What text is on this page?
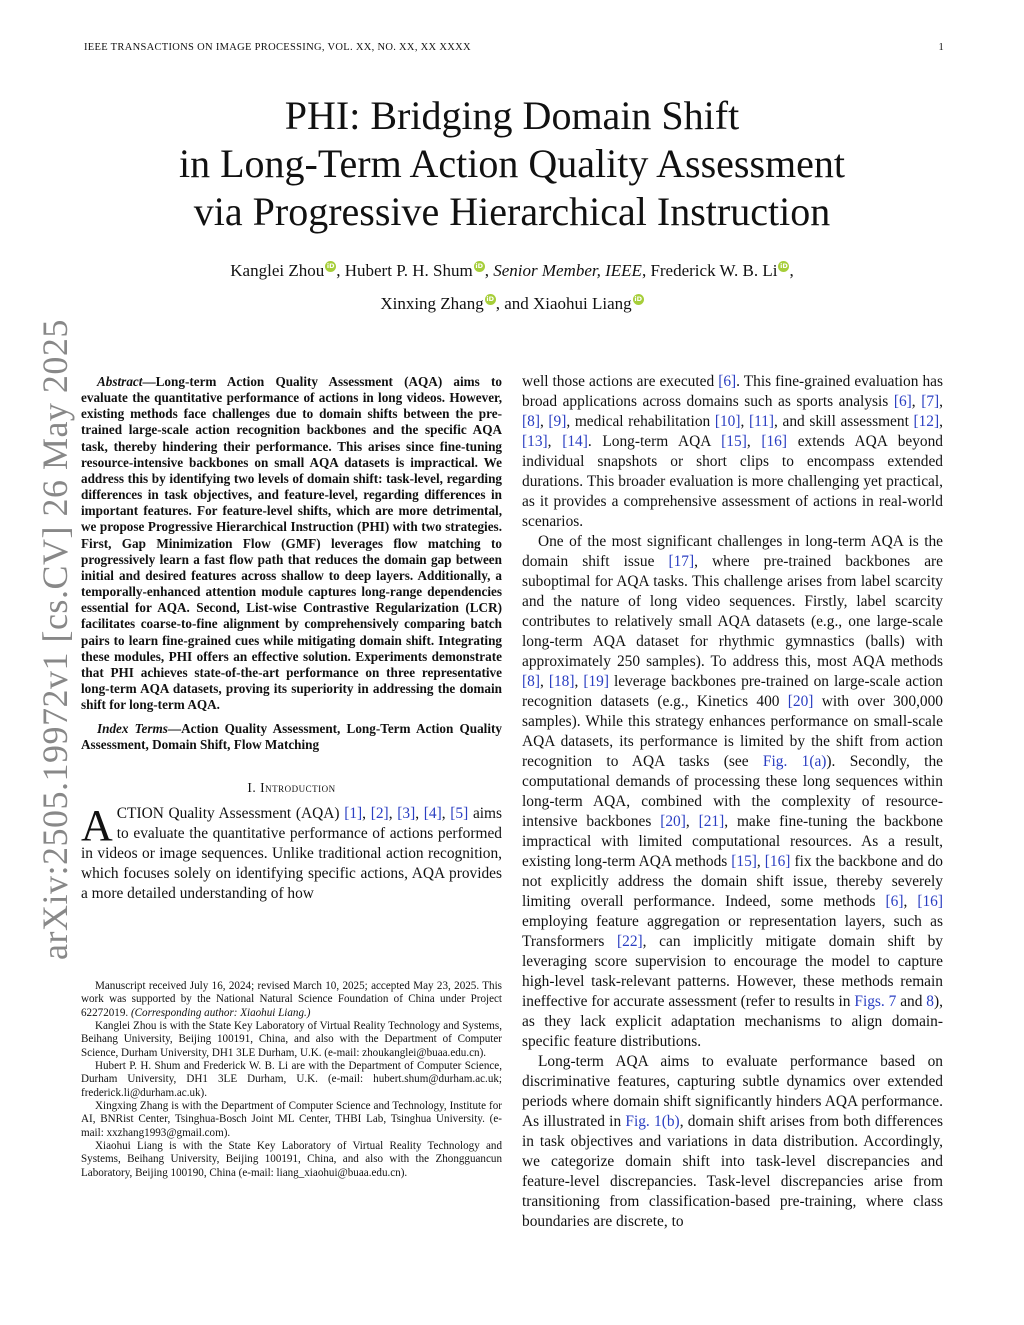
IEEE TRANSACTIONS ON IMAGE PROCESSING, VOL. XX, NO. XX, XX XXXX	1
PHI: Bridging Domain Shift
in Long-Term Action Quality Assessment
via Progressive Hierarchical Instruction
Kanglei Zhou iD, Hubert P. H. Shum iD, Senior Member, IEEE, Frederick W. B. Li iD,
Xinxing Zhang iD, and Xiaohui Liang iD
arXiv:2505.19972v1 [cs.CV] 26 May 2025	Abstract—Long-term Action Quality Assessment (AQA) aims to evaluate the quantitative performance of actions in long videos. However, existing methods face challenges due to domain shifts between the pre-trained large-scale action recognition backbones and the specific AQA task, thereby hindering their performance. This arises since fine-tuning resource-intensive backbones on small AQA datasets is impractical. We address this by identifying two levels of domain shift: task-level, regarding differences in task objectives, and feature-level, regarding differences in important features. For feature-level shifts, which are more detrimental, we propose Progressive Hierarchical Instruction (PHI) with two strategies. First, Gap Minimization Flow (GMF) leverages flow matching to progressively learn a fast flow path that reduces the domain gap between initial and desired features across shallow to deep layers. Additionally, a temporally-enhanced attention module captures long-range dependencies essential for AQA. Second, List-wise Contrastive Regularization (LCR) facilitates coarse-to-fine alignment by comprehensively comparing batch pairs to learn fine-grained cues while mitigating domain shift. Integrating these modules, PHI offers an effective solution. Experiments demonstrate that PHI achieves state-of-the-art performance on three representative long-term AQA datasets, proving its superiority in addressing the domain shift for long-term AQA.

Index Terms—Action Quality Assessment, Long-Term Action Quality Assessment, Domain Shift, Flow Matching

I. Introduction

ACTION Quality Assessment (AQA) [1], [2], [3], [4], [5] aims to evaluate the quantitative performance of actions performed in videos or image sequences. Unlike traditional action recognition, which focuses solely on identifying specific actions, AQA provides a more detailed understanding of how

Manuscript received July 16, 2024; revised March 10, 2025; accepted May 23, 2025. This work was supported by the National Natural Science Foundation of China under Project 62272019. (Corresponding author: Xiaohui Liang.)

Kanglei Zhou is with the State Key Laboratory of Virtual Reality Technology and Systems, Beihang University, Beijing 100191, China, and also with the Department of Computer Science, Durham University, DH1 3LE Durham, U.K. (e-mail: zhoukanglei@buaa.edu.cn).

Hubert P. H. Shum and Frederick W. B. Li are with the Department of Computer Science, Durham University, DH1 3LE Durham, U.K. (e-mail: hubert.shum@durham.ac.uk; frederick.li@durham.ac.uk).

Xingxing Zhang is with the Department of Computer Science and Technology, Institute for AI, BNRist Center, Tsinghua-Bosch Joint ML Center, THBI Lab, Tsinghua University. (e-mail: xxzhang1993@gmail.com).

Xiaohui Liang is with the State Key Laboratory of Virtual Reality Technology and Systems, Beihang University, Beijing 100191, China, and also with the Zhongguancun Laboratory, Beijing 100190, China (e-mail: liang_xiaohui@buaa.edu.cn).

well those actions are executed [6]. This fine-grained evaluation has broad applications across domains such as sports analysis [6], [7], [8], [9], medical rehabilitation [10], [11], and skill assessment [12], [13], [14]. Long-term AQA [15], [16] extends AQA beyond individual snapshots or short clips to encompass extended durations. This broader evaluation is more challenging yet practical, as it provides a comprehensive assessment of actions in real-world scenarios.

One of the most significant challenges in long-term AQA is the domain shift issue [17], where pre-trained backbones are suboptimal for AQA tasks. This challenge arises from label scarcity and the nature of long video sequences. Firstly, label scarcity contributes to relatively small AQA datasets (e.g., one large-scale long-term AQA dataset for rhythmic gymnastics (balls) with approximately 250 samples). To address this, most AQA methods [8], [18], [19] leverage backbones pre-trained on large-scale action recognition datasets (e.g., Kinetics 400 [20] with over 300,000 samples). While this strategy enhances performance on small-scale AQA datasets, its performance is limited by the shift from action recognition to AQA tasks (see Fig. 1(a)). Secondly, the computational demands of processing these long sequences within long-term AQA, combined with the complexity of resource-intensive backbones [20], [21], make fine-tuning the backbone impractical with limited computational resources. As a result, existing long-term AQA methods [15], [16] fix the backbone and do not explicitly address the domain shift issue, thereby severely limiting overall performance. Indeed, some methods [6], [16] employing feature aggregation or representation layers, such as Transformers [22], can implicitly mitigate domain shift by leveraging score supervision to encourage the model to capture high-level task-relevant patterns. However, these methods remain ineffective for accurate assessment (refer to results in Figs. 7 and 8), as they lack explicit adaptation mechanisms to align domain-specific feature distributions.

Long-term AQA aims to evaluate performance based on discriminative features, capturing subtle dynamics over extended periods where domain shift significantly hinders AQA performance. As illustrated in Fig. 1(b), domain shift arises from both differences in task objectives and variations in data distribution. Accordingly, we categorize domain shift into task-level discrepancies and feature-level discrepancies. Task-level discrepancies arise from transitioning from classification-based pre-training, where class boundaries are discrete, to
